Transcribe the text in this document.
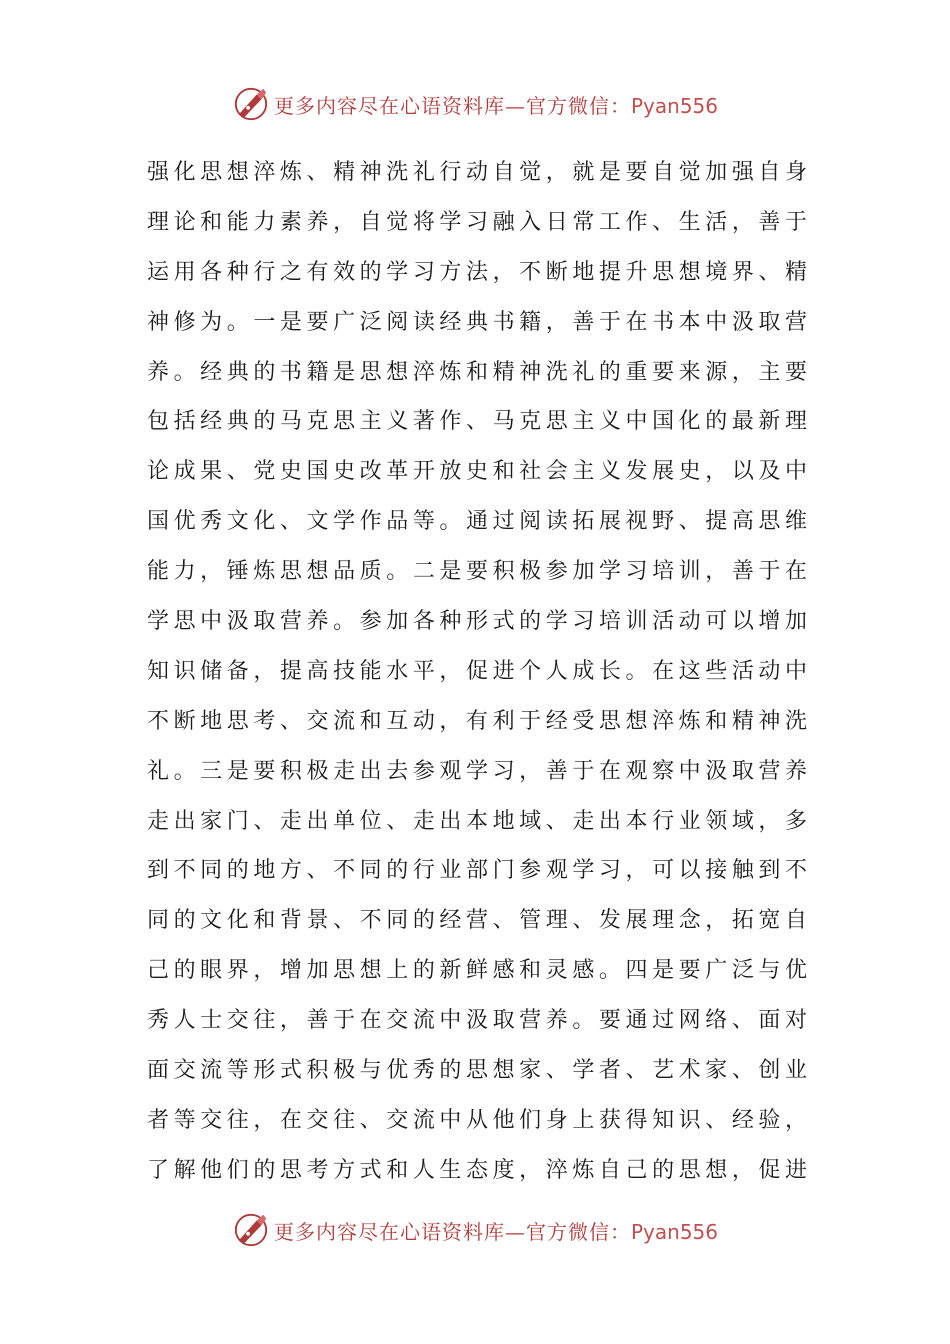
更多内容尽在心语资料库—官方微信：Pyan556
强化思想淬炼、精神洗礼行动自觉，就是要自觉加强自身
理论和能力素养，自觉将学习融入日常工作、生活，善于
运用各种行之有效的学习方法，不断地提升思想境界、精
神修为。一是要广泛阅读经典书籍，善于在书本中汲取营
养。经典的书籍是思想淬炼和精神洗礼的重要来源，主要
包括经典的马克思主义著作、马克思主义中国化的最新理
论成果、党史国史改革开放史和社会主义发展史，以及中
国优秀文化、文学作品等。通过阅读拓展视野、提高思维
能力，锤炼思想品质。二是要积极参加学习培训，善于在
学思中汲取营养。参加各种形式的学习培训活动可以增加
知识储备，提高技能水平，促进个人成长。在这些活动中
不断地思考、交流和互动，有利于经受思想淬炼和精神洗
礼。三是要积极走出去参观学习，善于在观察中汲取营养
走出家门、走出单位、走出本地域、走出本行业领域，多
到不同的地方、不同的行业部门参观学习，可以接触到不
同的文化和背景、不同的经营、管理、发展理念，拓宽自
己的眼界，增加思想上的新鲜感和灵感。四是要广泛与优
秀人士交往，善于在交流中汲取营养。要通过网络、面对
面交流等形式积极与优秀的思想家、学者、艺术家、创业
者等交往，在交往、交流中从他们身上获得知识、经验，
了解他们的思考方式和人生态度，淬炼自己的思想，促进
更多内容尽在心语资料库—官方微信：Pyan556
